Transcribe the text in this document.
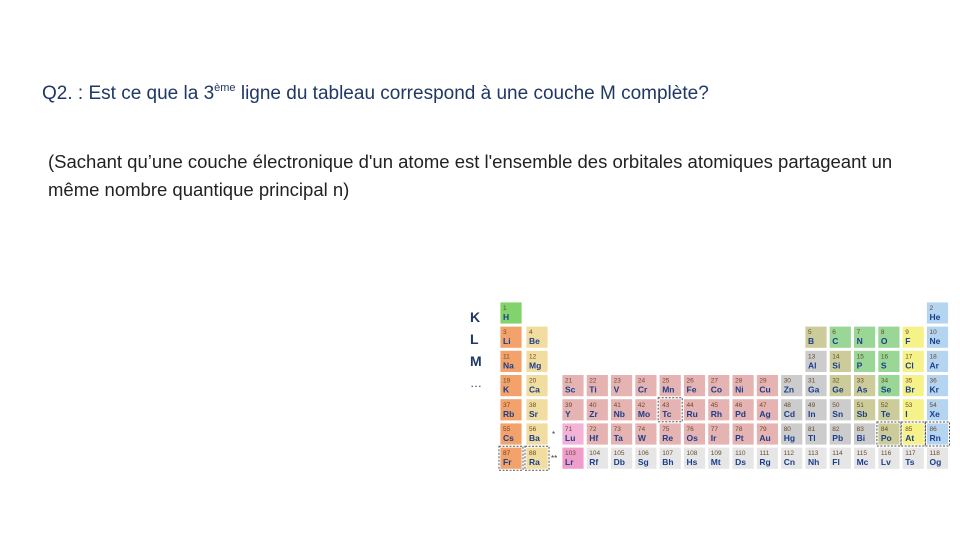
Q2. : Est ce que la 3ème ligne du tableau correspond à une couche M complète?
(Sachant qu’une couche électronique d'un atome est l'ensemble des orbitales atomiques partageant un même nombre quantique principal n)
K
L
M
…
1
H
2
He
3
Li
4
Be
5
B
6
C
7
N
8
O
9
F
10
Ne
11
Na
12
Mg
13
Al
14
Si
15
P
16
S
17
Cl
18
Ar
19
K
20
Ca
21
Sc
22
Ti
23
V
24
Cr
25
Mn
26
Fe
27
Co
28
Ni
29
Cu
30
Zn
31
Ga
32
Ge
33
As
34
Se
35
Br
36
Kr
37
Rb
38
Sr
39
Y
40
Zr
41
Nb
42
Mo
43
Tc
44
Ru
45
Rh
46
Pd
47
Ag
48
Cd
49
In
50
Sn
51
Sb
52
Te
53
I
54
Xe
55
Cs
56
Ba
71
Lu
72
Hf
73
Ta
74
W
75
Re
76
Os
77
Ir
78
Pt
79
Au
80
Hg
81
Tl
82
Pb
83
Bi
84
Po
85
At
86
Rn
87
Fr
88
Ra
103
Lr
104
Rf
105
Db
106
Sg
107
Bh
108
Hs
109
Mt
110
Ds
111
Rg
112
Cn
113
Nh
114
Fl
115
Mc
116
Lv
117
Ts
118
Og
*
**
